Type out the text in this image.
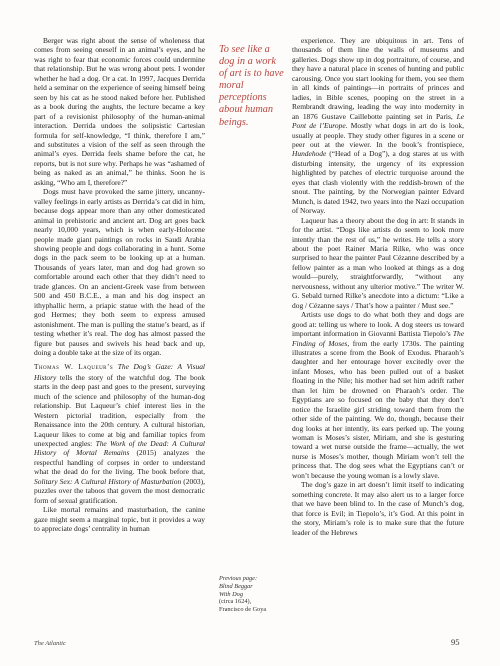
Berger was right about the sense of wholeness that comes from seeing oneself in an animal’s eyes, and he was right to fear that economic forces could undermine that relationship. But he was wrong about pets. I wonder whether he had a dog. Or a cat. In 1997, Jacques Derrida held a seminar on the experience of seeing himself being seen by his cat as he stood naked before her. Published as a book during the aughts, the lecture became a key part of a revisionist philosophy of the human-animal interaction. Derrida undoes the solipsistic Cartesian formula for self-knowledge, “I think, therefore I am,” and substitutes a vision of the self as seen through the animal’s eyes. Derrida feels shame before the cat, he reports, but is not sure why. Perhaps he was “ashamed of being as naked as an animal,” he thinks. Soon he is asking, “Who am I, therefore?”

Dogs must have provoked the same jittery, uncanny-valley feelings in early artists as Derrida’s cat did in him, because dogs appear more than any other domesticated animal in prehistoric and ancient art. Dog art goes back nearly 10,000 years, which is when early-Holocene people made giant paintings on rocks in Saudi Arabia showing people and dogs collaborating in a hunt. Some dogs in the pack seem to be looking up at a human. Thousands of years later, man and dog had grown so comfortable around each other that they didn’t need to trade glances. On an ancient-Greek vase from between 500 and 450 B.C.E., a man and his dog inspect an ithyphallic herm, a priapic statue with the head of the god Hermes; they both seem to express amused astonishment. The man is pulling the statue’s beard, as if testing whether it’s real. The dog has almost passed the figure but pauses and swivels his head back and up, doing a double take at the size of its organ.

Thomas W. Laqueur’s The Dog’s Gaze: A Visual History tells the story of the watchful dog. The book starts in the deep past and goes to the present, surveying much of the science and philosophy of the human-dog relationship. But Laqueur’s chief interest lies in the Western pictorial tradition, especially from the Renaissance into the 20th century. A cultural historian, Laqueur likes to come at big and familiar topics from unexpected angles: The Work of the Dead: A Cultural History of Mortal Remains (2015) analyzes the respectful handling of corpses in order to understand what the dead do for the living. The book before that, Solitary Sex: A Cultural History of Masturbation (2003), puzzles over the taboos that govern the most democratic form of sexual gratification.

Like mortal remains and masturbation, the canine gaze might seem a marginal topic, but it provides a way to appreciate dogs’ centrality in human

To see like a dog in a work of art is to have moral perceptions about human beings.

Previous page:
Blind Beggar
With Dog
(circa 1624),
Francisco de Goya

experience. They are ubiquitous in art. Tens of thousands of them line the walls of museums and galleries. Dogs show up in dog portraiture, of course, and they have a natural place in scenes of hunting and public carousing. Once you start looking for them, you see them in all kinds of paintings—in portraits of princes and ladies, in Bible scenes, pooping on the street in a Rembrandt drawing, leading the way into modernity in an 1876 Gustave Caillebotte painting set in Paris, Le Pont de l’Europe. Mostly what dogs in art do is look, usually at people. They study other figures in a scene or peer out at the viewer. In the book’s frontispiece, Hundehode (“Head of a Dog”), a dog stares at us with disturbing intensity, the urgency of its expression highlighted by patches of electric turquoise around the eyes that clash violently with the reddish-brown of the snout. The painting, by the Norwegian painter Edvard Munch, is dated 1942, two years into the Nazi occupation of Norway.

Laqueur has a theory about the dog in art: It stands in for the artist. “Dogs like artists do seem to look more intently than the rest of us,” he writes. He tells a story about the poet Rainer Maria Rilke, who was once surprised to hear the painter Paul Cézanne described by a fellow painter as a man who looked at things as a dog would—purely, straightforwardly, “without any nervousness, without any ulterior motive.” The writer W. G. Sebald turned Rilke’s anecdote into a dictum: “Like a dog / Cézanne says / That’s how a painter / Must see.”

Artists use dogs to do what both they and dogs are good at: telling us where to look. A dog steers us toward important information in Giovanni Battista Tiepolo’s The Finding of Moses, from the early 1730s. The painting illustrates a scene from the Book of Exodus. Pharaoh’s daughter and her entourage hover excitedly over the infant Moses, who has been pulled out of a basket floating in the Nile; his mother had set him adrift rather than let him be drowned on Pharaoh’s order. The Egyptians are so focused on the baby that they don’t notice the Israelite girl striding toward them from the other side of the painting. We do, though, because their dog looks at her intently, its ears perked up. The young woman is Moses’s sister, Miriam, and she is gesturing toward a wet nurse outside the frame—actually, the wet nurse is Moses’s mother, though Miriam won’t tell the princess that. The dog sees what the Egyptians can’t or won’t because the young woman is a lowly slave.

The dog’s gaze in art doesn’t limit itself to indicating something concrete. It may also alert us to a larger force that we have been blind to. In the case of Munch’s dog, that force is Evil; in Tiepolo’s, it’s God. At this point in the story, Miriam’s role is to make sure that the future leader of the Hebrews

The Atlantic	95
